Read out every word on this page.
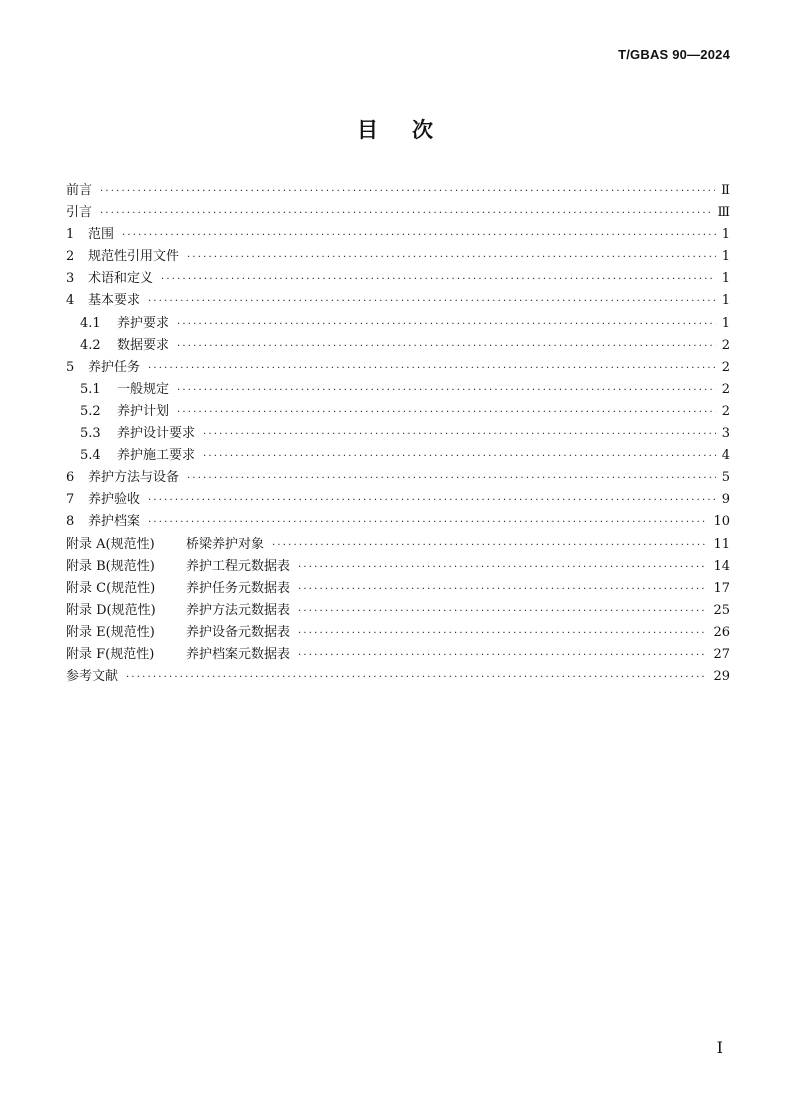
T/GBAS 90—2024
目 次
前言 ·····	Ⅱ
引言 ·····	Ⅲ
1	范围 ·····	1
2	规范性引用文件 ·····	1
3	术语和定义 ·····	1
4	基本要求 ·····	1
4.1	养护要求 ·····	1
4.2	数据要求 ·····	2
5	养护任务 ·····	2
5.1	一般规定 ·····	2
5.2	养护计划 ·····	2
5.3	养护设计要求 ·····	3
5.4	养护施工要求 ·····	4
6	养护方法与设备 ·····	5
7	养护验收 ·····	9
8	养护档案 ·····	10
附录 A(规范性)	桥梁养护对象 ·····	11
附录 B(规范性)	养护工程元数据表 ·····	14
附录 C(规范性)	养护任务元数据表 ·····	17
附录 D(规范性)	养护方法元数据表 ·····	25
附录 E(规范性)	养护设备元数据表 ·····	26
附录 F(规范性)	养护档案元数据表 ·····	27
参考文献 ·····	29
I
